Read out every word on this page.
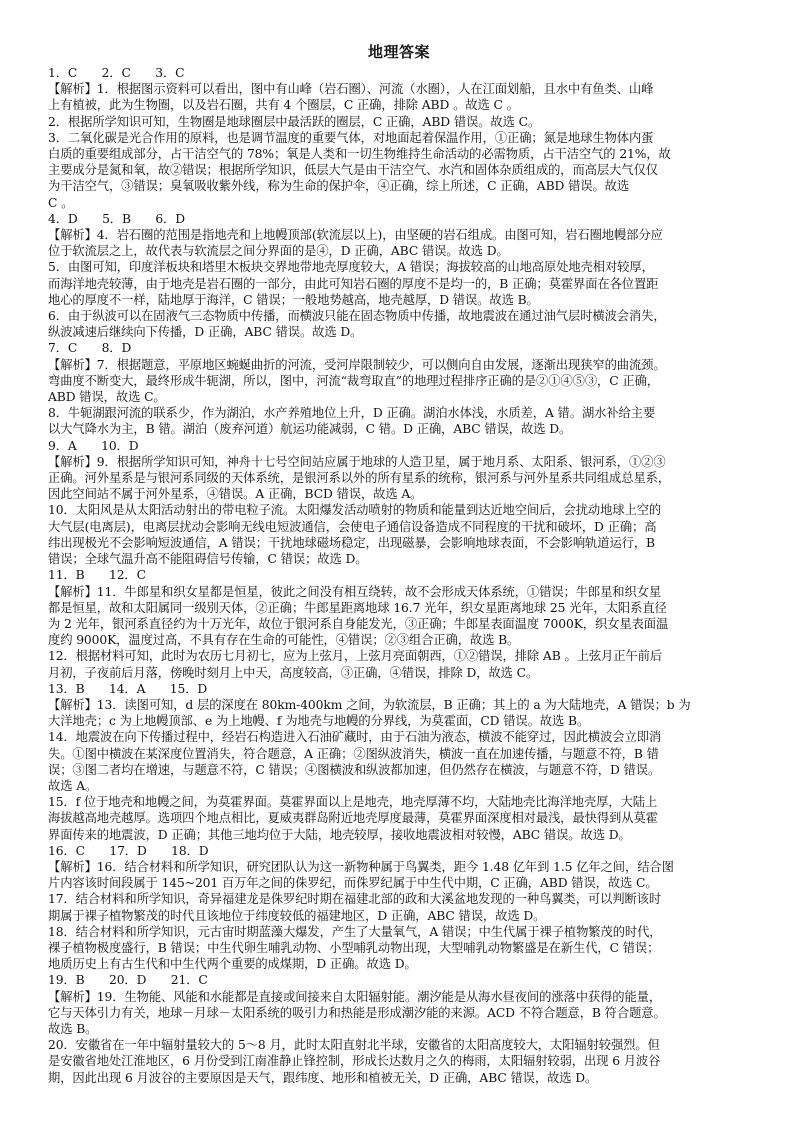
地理答案
1．C　　2．C　　3．C
【解析】1．根据图示资料可以看出，图中有山峰（岩石圈）、河流（水圈），人在江面划船，且水中有鱼类、山峰
上有植被，此为生物圈，以及岩石圈，共有 4 个圈层，C 正确，排除 ABD 。故选 C 。
2．根据所学知识可知，生物圈是地球圈层中最活跃的圈层，C 正确，ABD 错误。故选 C。
3．二氧化碳是光合作用的原料，也是调节温度的重要气体，对地面起着保温作用，①正确；氮是地球生物体内蛋
白质的重要组成部分，占干洁空气的 78%；氧是人类和一切生物维持生命活动的必需物质，占干洁空气的 21%，故
主要成分是氮和氧，故②错误；根据所学知识，低层大气是由干洁空气、水汽和固体杂质组成的，而高层大气仅仅
为干洁空气，③错误；臭氧吸收紫外线，称为生命的保护伞，④正确，综上所述，C 正确，ABD 错误。故选
C 。
4．D　　5．B　　6．D
【解析】4．岩石圈的范围是指地壳和上地幔顶部(软流层以上)，由坚硬的岩石组成。由图可知，岩石圈地幔部分应
位于软流层之上，故代表与软流层之间分界面的是④，D 正确，ABC 错误。故选 D。
5．由图可知，印度洋板块和塔里木板块交界地带地壳厚度较大，A 错误；海拔较高的山地高原处地壳相对较厚，
而海洋地壳较薄，由于地壳是岩石圈的一部分，由此可知岩石圈的厚度不是均一的，B 正确；莫霍界面在各位置距
地心的厚度不一样，陆地厚于海洋，C 错误；一般地势越高，地壳越厚，D 错误。故选 B。
6．由于纵波可以在固液气三态物质中传播，而横波只能在固态物质中传播，故地震波在通过油气层时横波会消失，
纵波减速后继续向下传播，D 正确，ABC 错误。故选 D。
7．C　　8．D
【解析】7．根据题意，平原地区蜿蜒曲折的河流，受河岸限制较少，可以侧向自由发展，逐渐出现狭窄的曲流颈。
弯曲度不断变大，最终形成牛轭湖，所以，图中，河流“裁弯取直”的地理过程排序正确的是②①④⑤③，C 正确，
ABD 错误，故选 C。
8．牛轭湖跟河流的联系少，作为湖泊，水产养殖地位上升，D 正确。湖泊水体浅，水质差，A 错。湖水补给主要
以大气降水为主，B 错。湖泊（废弃河道）航运功能减弱，C 错。D 正确，ABC 错误，故选 D。
9．A　　10．D
【解析】9．根据所学知识可知，神舟十七号空间站应属于地球的人造卫星，属于地月系、太阳系、银河系，①②③
正确。河外星系是与银河系同级的天体系统，是银河系以外的所有星系的统称，银河系与河外星系共同组成总星系，
因此空间站不属于河外星系，④错误。A 正确，BCD 错误，故选 A。
10．太阳风是从太阳活动射出的带电粒子流。太阳爆发活动喷射的物质和能量到达近地空间后，会扰动地球上空的
大气层(电离层)，电离层扰动会影响无线电短波通信，会使电子通信设备造成不同程度的干扰和破坏，D 正确；高
纬出现极光不会影响短波通信，A 错误；干扰地球磁场稳定，出现磁暴，会影响地球表面，不会影响轨道运行，B
错误；全球气温升高不能阻碍信号传输，C 错误；故选 D。
11．B　　12．C
【解析】11．牛郎星和织女星都是恒星，彼此之间没有相互绕转，故不会形成天体系统，①错误；牛郎星和织女星
都是恒星，故和太阳属同一级别天体，②正确；牛郎星距离地球 16.7 光年，织女星距离地球 25 光年，太阳系直径
为 2 光年，银河系直径约为十万光年，故位于银河系自身能发光，③正确；牛郎星表面温度 7000K，织女星表面温
度约 9000K，温度过高，不具有存在生命的可能性，④错误；②③组合正确，故选 B。
12．根据材料可知，此时为农历七月初七，应为上弦月，上弦月亮面朝西，①②错误，排除 AB 。上弦月正午前后
月初，子夜前后月落，傍晚时刻月上中天，高度较高，③正确，④错误，排除 D，故选 C。
13．B　　14．A　　15．D
【解析】13．读图可知，d 层的深度在 80km-400km 之间，为软流层，B 正确；其上的 a 为大陆地壳，A 错误；b 为
大洋地壳；c 为上地幔顶部、e 为上地幔、f 为地壳与地幔的分界线，为莫霍面，CD 错误。故选 B。
14．地震波在向下传播过程中，经岩石构造进入石油矿藏时，由于石油为液态，横波不能穿过，因此横波会立即消
失。①图中横波在某深度位置消失，符合题意，A 正确；②图纵波消失，横波一直在加速传播，与题意不符，B 错
误；③图二者均在增速，与题意不符，C 错误；④图横波和纵波都加速，但仍然存在横波，与题意不符，D 错误。
故选 A。
15．f 位于地壳和地幔之间，为莫霍界面。莫霍界面以上是地壳，地壳厚薄不均，大陆地壳比海洋地壳厚，大陆上
海拔越高地壳越厚。选项四个地点相比，夏威夷群岛附近地壳厚度最薄，莫霍界面深度相对最浅，最快得到从莫霍
界面传来的地震波，D 正确；其他三地均位于大陆，地壳较厚，接收地震波相对较慢，ABC 错误。故选 D。
16．C　　17．D　　18．D
【解析】16．结合材料和所学知识，研究团队认为这一新物种属于鸟翼类，距今 1.48 亿年到 1.5 亿年之间，结合图
片内容该时间段属于 145~201 百万年之间的侏罗纪，而侏罗纪属于中生代中期，C 正确，ABD 错误，故选 C。
17．结合材料和所学知识，奇异福建龙是侏罗纪时期在福建北部的政和大溪盆地发现的一种鸟翼类，可以判断该时
期属于裸子植物繁茂的时代且该地位于纬度较低的福建地区，D 正确，ABC 错误，故选 D。
18．结合材料和所学知识，元古宙时期蓝藻大爆发，产生了大量氧气，A 错误；中生代属于裸子植物繁茂的时代，
裸子植物极度盛行，B 错误；中生代卵生哺乳动物、小型哺乳动物出现，大型哺乳动物繁盛是在新生代，C 错误；
地质历史上有古生代和中生代两个重要的成煤期，D 正确。故选 D。
19．B　　20．D　　21．C
【解析】19．生物能、风能和水能都是直接或间接来自太阳辐射能。潮汐能是从海水昼夜间的涨落中获得的能量，
它与天体引力有关，地球－月球－太阳系统的吸引力和热能是形成潮汐能的来源。ACD 不符合题意，B 符合题意。
故选 B。
20．安徽省在一年中辐射量较大的 5～8 月，此时太阳直射北半球，安徽省的太阳高度较大，太阳辐射较强烈。但
是安徽省地处江淮地区，6 月份受到江南准静止锋控制，形成长达数月之久的梅雨，太阳辐射较弱，出现 6 月波谷
期，因此出现 6 月波谷的主要原因是天气，跟纬度、地形和植被无关，D 正确，ABC 错误，故选 D。
